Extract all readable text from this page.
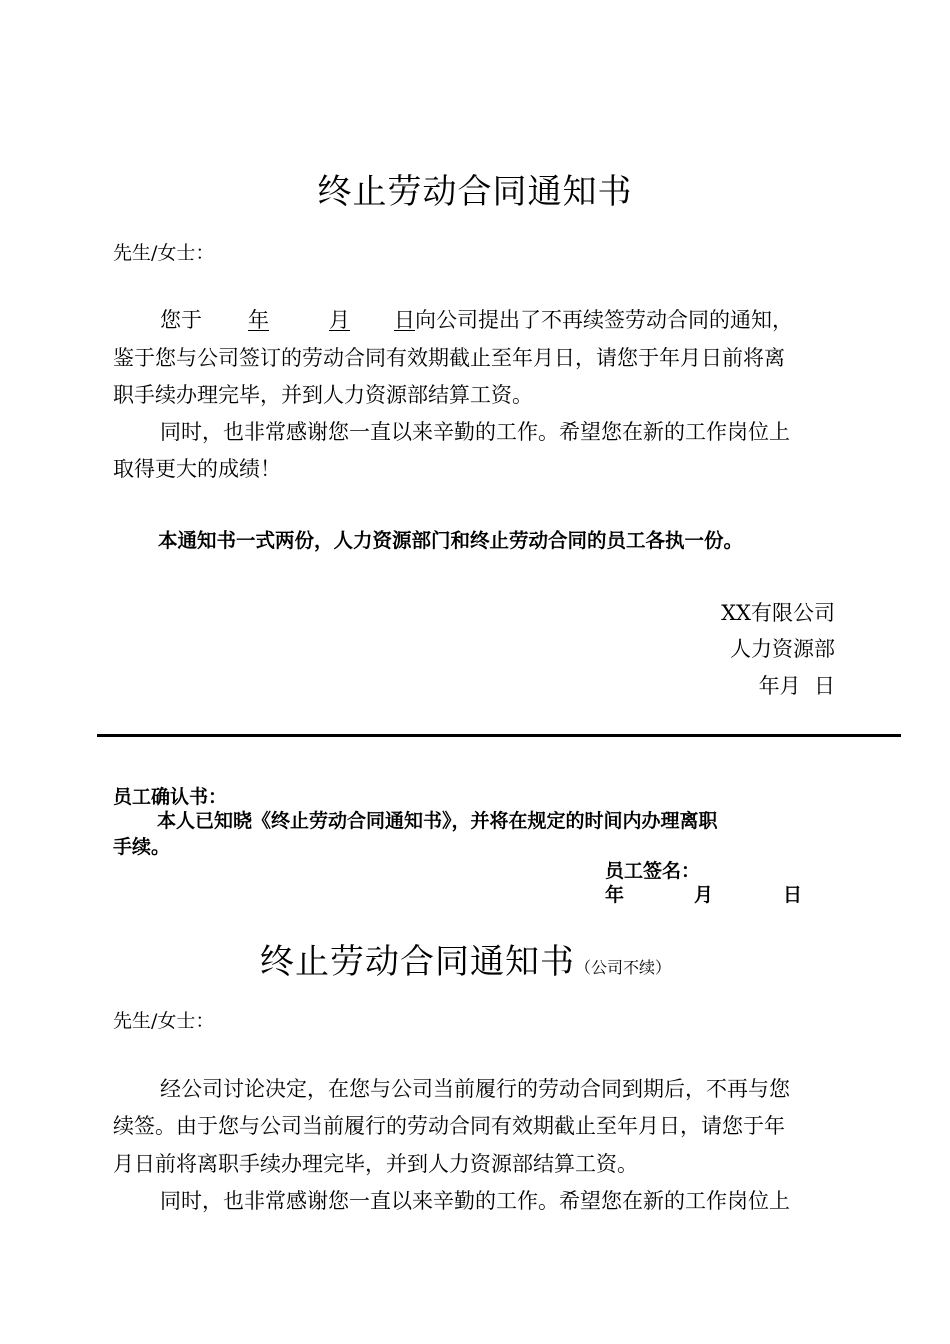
终止劳动合同通知书
先生/女士：
您于 年	月 日向公司提出了不再续签劳动合同的通知，
鉴于您与公司签订的劳动合同有效期截止至年月日，请您于年月日前将离
职手续办理完毕，并到人力资源部结算工资。
同时，也非常感谢您一直以来辛勤的工作。希望您在新的工作岗位上
取得更大的成绩！
本通知书一式两份，人力资源部门和终止劳动合同的员工各执一份。
XX有限公司
人力资源部
年月  日
员工确认书：
本人已知晓《终止劳动合同通知书》，并将在规定的时间内办理离职
手续。
员工签名：
年	月	日
终止劳动合同通知书（公司不续）
先生/女士：
经公司讨论决定，在您与公司当前履行的劳动合同到期后，不再与您
续签。由于您与公司当前履行的劳动合同有效期截止至年月日，请您于年
月日前将离职手续办理完毕，并到人力资源部结算工资。
同时，也非常感谢您一直以来辛勤的工作。希望您在新的工作岗位上
